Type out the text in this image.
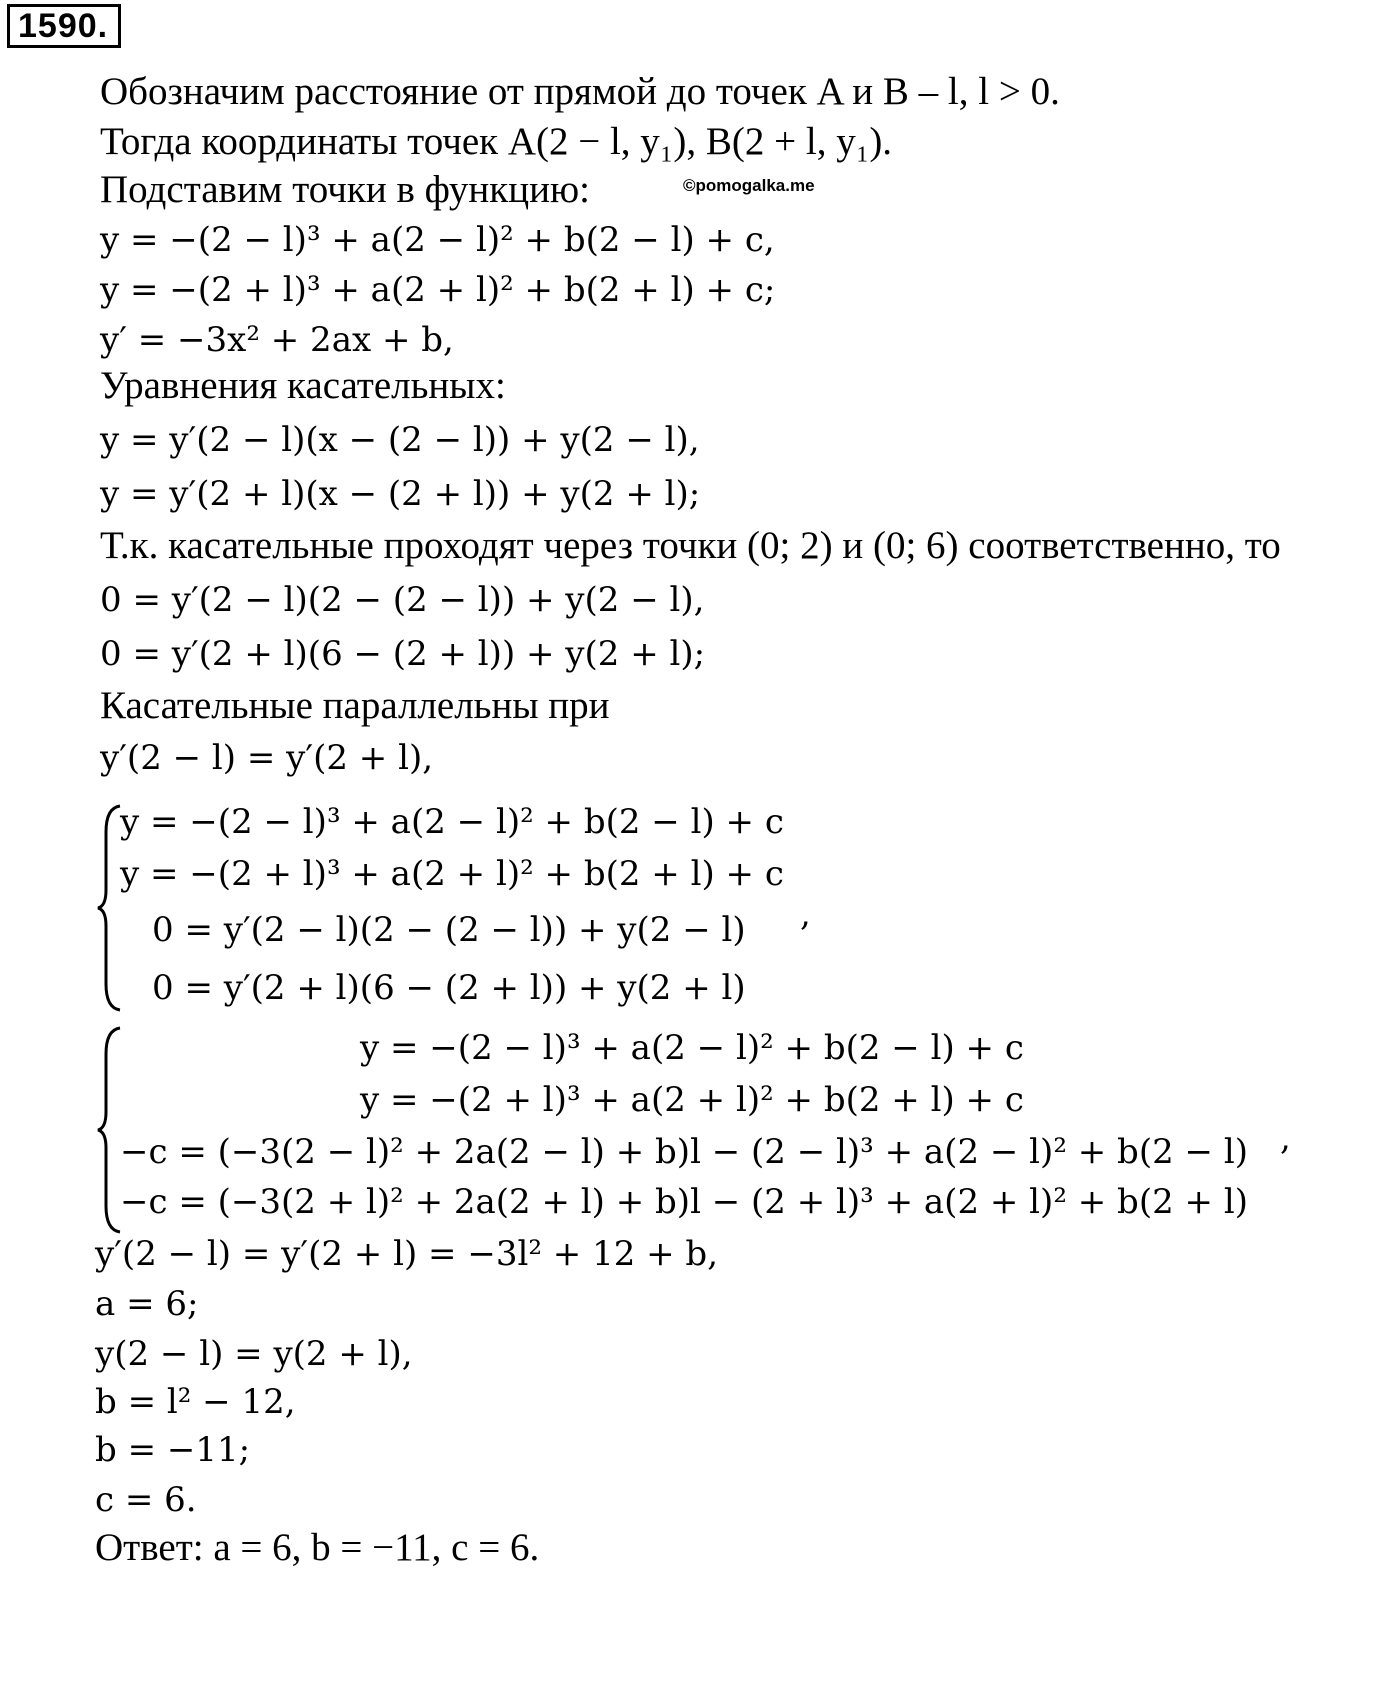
1590.
©pomogalka.me
Обозначим расстояние от прямой до точек A и B – l, l > 0.
Тогда координаты точек A(2 − l, y₁), B(2 + l, y₁).
Подставим точки в функцию:
y = −(2 − l)³ + a(2 − l)² + b(2 − l) + c,
y = −(2 + l)³ + a(2 + l)² + b(2 + l) + c;
y′ = −3x² + 2ax + b,
Уравнения касательных:
y = y′(2 − l)(x − (2 − l)) + y(2 − l),
y = y′(2 + l)(x − (2 + l)) + y(2 + l);
Т.к. касательные проходят через точки (0; 2) и (0; 6) соответственно, то
0 = y′(2 − l)(2 − (2 − l)) + y(2 − l),
0 = y′(2 + l)(6 − (2 + l)) + y(2 + l);
Касательные параллельны при
y′(2 − l) = y′(2 + l),
y = −(2 − l)³ + a(2 − l)² + b(2 − l) + c
y = −(2 + l)³ + a(2 + l)² + b(2 + l) + c
0 = y′(2 − l)(2 − (2 − l)) + y(2 − l)
0 = y′(2 + l)(6 − (2 + l)) + y(2 + l)
,
y = −(2 − l)³ + a(2 − l)² + b(2 − l) + c
y = −(2 + l)³ + a(2 + l)² + b(2 + l) + c
−c = (−3(2 − l)² + 2a(2 − l) + b)l − (2 − l)³ + a(2 − l)² + b(2 − l)
−c = (−3(2 + l)² + 2a(2 + l) + b)l − (2 + l)³ + a(2 + l)² + b(2 + l)
,
y′(2 − l) = y′(2 + l) = −3l² + 12 + b,
a = 6;
y(2 − l) = y(2 + l),
b = l² − 12,
b = −11;
c = 6.
Ответ: a = 6, b = −11, c = 6.
